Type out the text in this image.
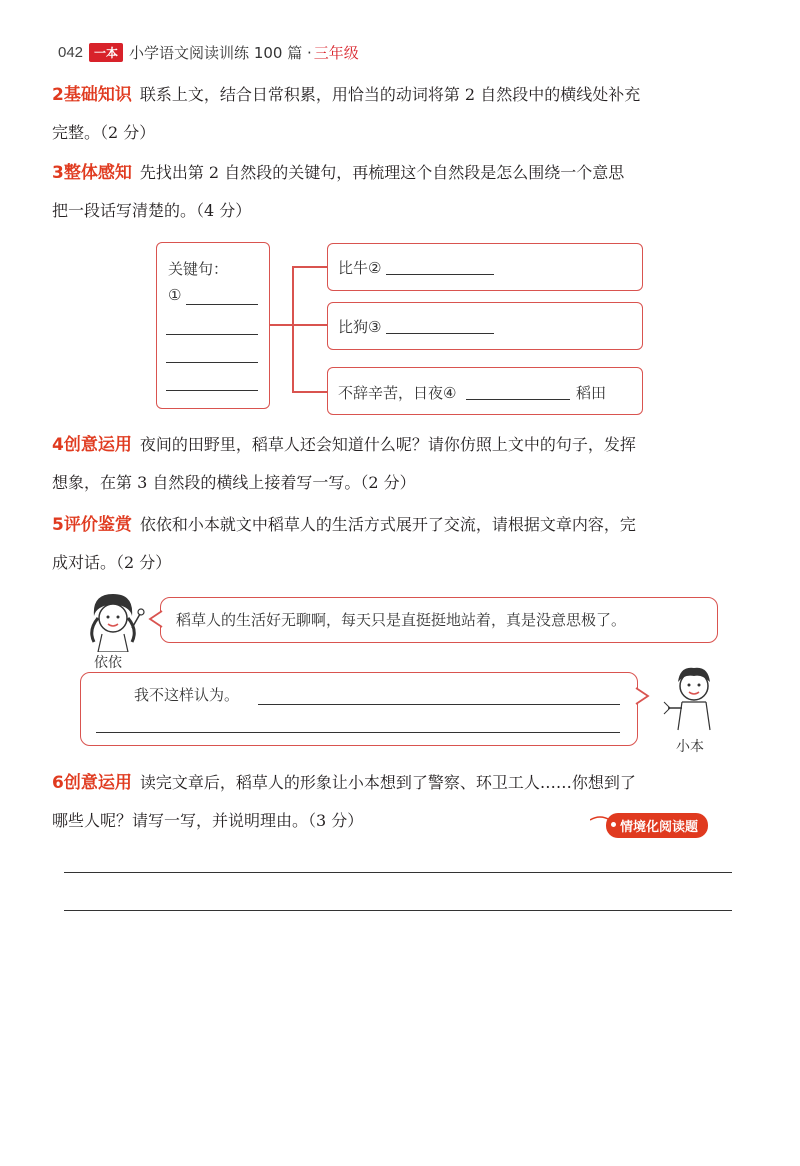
042 一本 小学语文阅读训练 100 篇 · 三年级
2基础知识 联系上文，结合日常积累，用恰当的动词将第 2 自然段中的横线处补充
完整。（2 分）
3整体感知 先找出第 2 自然段的关键句，再梳理这个自然段是怎么围绕一个意思
把一段话写清楚的。（4 分）
关键句：
①
比牛②
比狗③
不辞辛苦，日夜④	稻田
4创意运用 夜间的田野里，稻草人还会知道什么呢？请你仿照上文中的句子，发挥
想象，在第 3 自然段的横线上接着写一写。（2 分）
5评价鉴赏 依依和小本就文中稻草人的生活方式展开了交流，请根据文章内容，完
成对话。（2 分）
依依
稻草人的生活好无聊啊，每天只是直挺挺地站着，真是没意思极了。
我不这样认为。
小本
6创意运用 读完文章后，稻草人的形象让小本想到了警察、环卫工人……你想到了
哪些人呢？请写一写，并说明理由。（3 分）	情境化阅读题
